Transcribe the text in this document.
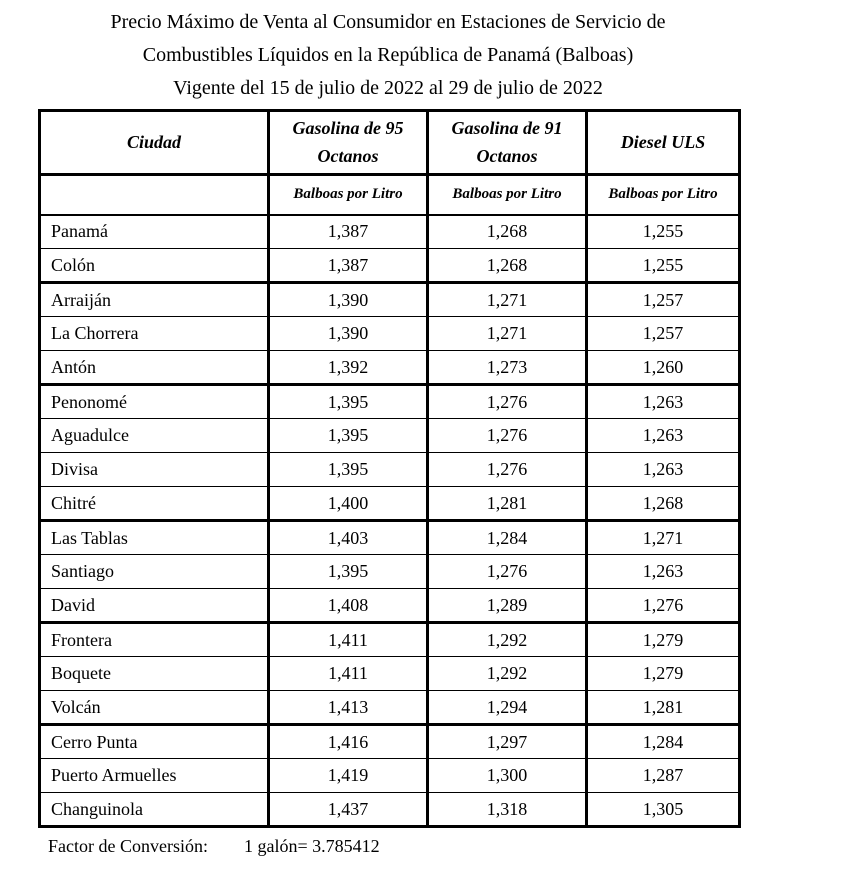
Precio Máximo de Venta al Consumidor en Estaciones de Servicio de
Combustibles Líquidos en la República de Panamá (Balboas)
Vigente del 15 de julio de 2022 al 29 de julio de 2022
Ciudad	Gasolina de 95 Octanos	Gasolina de 91 Octanos	Diesel ULS
	Balboas por Litro	Balboas por Litro	Balboas por Litro
Panamá	1,387	1,268	1,255
Colón	1,387	1,268	1,255
Arraiján	1,390	1,271	1,257
La Chorrera	1,390	1,271	1,257
Antón	1,392	1,273	1,260
Penonomé	1,395	1,276	1,263
Aguadulce	1,395	1,276	1,263
Divisa	1,395	1,276	1,263
Chitré	1,400	1,281	1,268
Las Tablas	1,403	1,284	1,271
Santiago	1,395	1,276	1,263
David	1,408	1,289	1,276
Frontera	1,411	1,292	1,279
Boquete	1,411	1,292	1,279
Volcán	1,413	1,294	1,281
Cerro Punta	1,416	1,297	1,284
Puerto Armuelles	1,419	1,300	1,287
Changuinola	1,437	1,318	1,305
Factor de Conversión: 1 galón= 3.785412
